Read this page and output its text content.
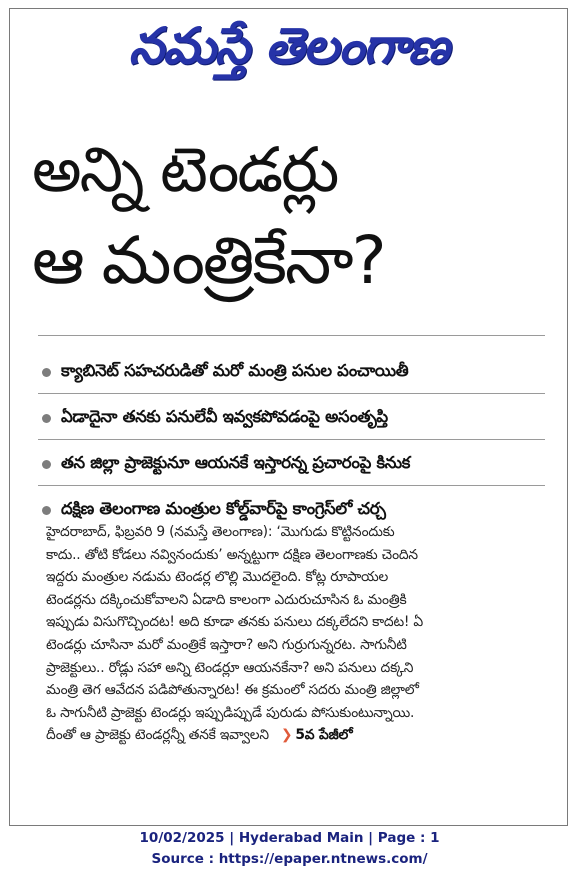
నమస్తే తెలంగాణ
అన్ని టెండర్లు
ఆ మంత్రికేనా?
క్యాబినెట్ సహచరుడితో మరో మంత్రి పనుల పంచాయితీ
ఏడాదైనా తనకు పనులేవీ ఇవ్వకపోవడంపై అసంతృప్తి
తన జిల్లా ప్రాజెక్టునూ ఆయనకే ఇస్తారన్న ప్రచారంపై కినుక
దక్షిణ తెలంగాణ మంత్రుల కోల్డ్‌వార్‌పై కాంగ్రెస్‌లో చర్చ
హైదరాబాద్, ఫిబ్రవరి 9 (నమస్తే తెలంగాణ): ‘మొగుడు కొట్టినందుకు
కాదు.. తోటి కోడలు నవ్వినందుకు’ అన్నట్టుగా దక్షిణ తెలంగాణకు చెందిన
ఇద్దరు మంత్రుల నడుమ టెండర్ల లొల్లి మొదలైంది. కోట్ల రూపాయల
టెండర్లను దక్కించుకోవాలని ఏడాది కాలంగా ఎదురుచూసిన ఓ మంత్రికి
ఇప్పుడు విసుగొచ్చిందట! అది కూడా తనకు పనులు దక్కలేదని కాదట! ఏ
టెండర్లు చూసినా మరో మంత్రికే ఇస్తారా? అని గుర్రుగున్నరట. సాగునీటి
ప్రాజెక్టులు.. రోడ్లు సహా అన్ని టెండర్లూ ఆయనకేనా? అని పనులు దక్కని
మంత్రి తెగ ఆవేదన పడిపోతున్నారట! ఈ క్రమంలో సదరు మంత్రి జిల్లాలో
ఓ సాగునీటి ప్రాజెక్టు టెండర్లు ఇప్పుడిప్పుడే పురుడు పోసుకుంటున్నాయి.
దీంతో ఆ ప్రాజెక్టు టెండర్లన్నీ తనకే ఇవ్వాలని ❯ 5వ పేజీలో
10/02/2025 | Hyderabad Main | Page : 1
Source : https://epaper.ntnews.com/
